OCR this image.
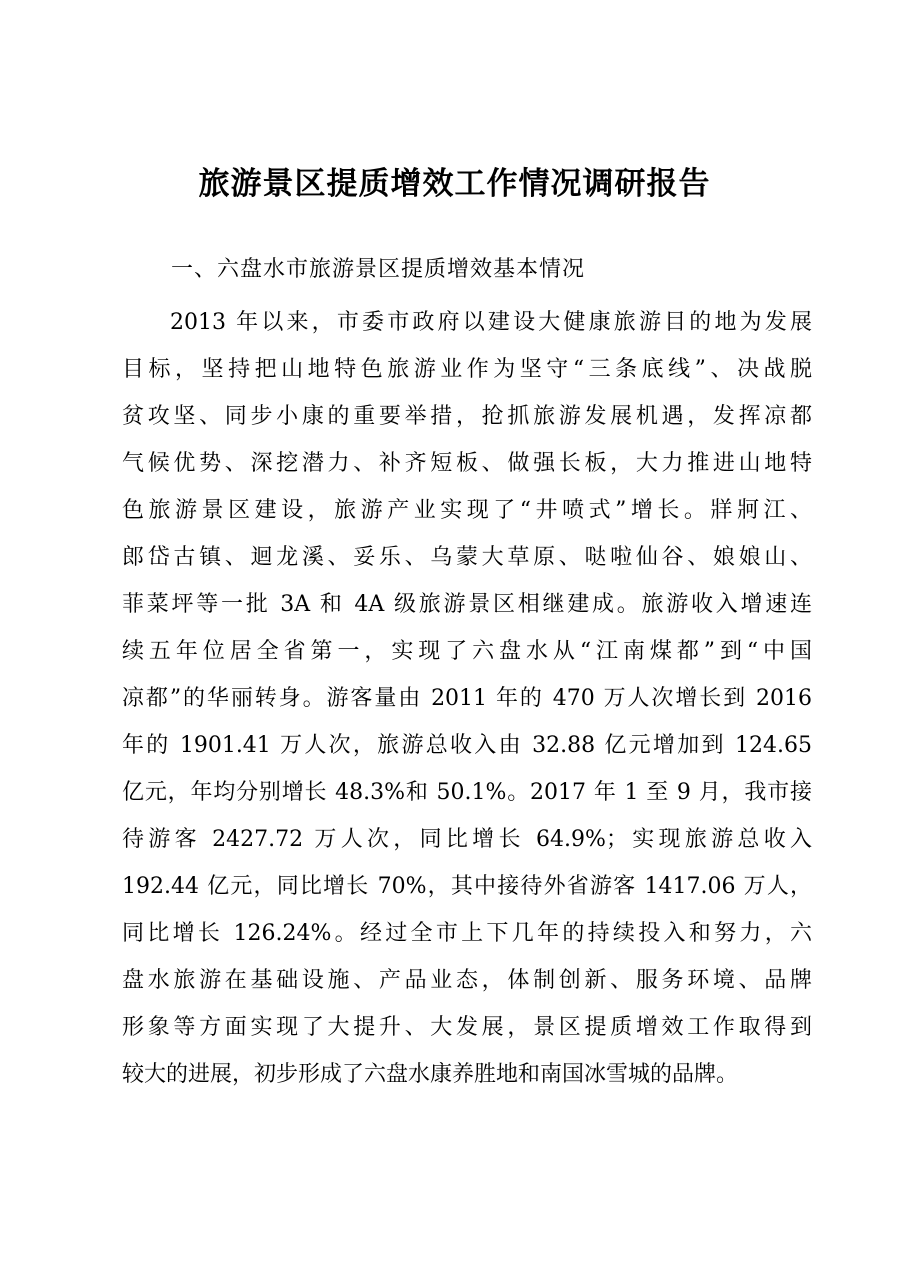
旅游景区提质增效工作情况调研报告

一、六盘水市旅游景区提质增效基本情况

2013 年以来，市委市政府以建设大健康旅游目的地为发展
目标，坚持把山地特色旅游业作为坚守“三条底线”、决战脱
贫攻坚、同步小康的重要举措，抢抓旅游发展机遇，发挥凉都
气候优势、深挖潜力、补齐短板、做强长板，大力推进山地特
色旅游景区建设，旅游产业实现了“井喷式”增长。牂牁江、
郎岱古镇、迴龙溪、妥乐、乌蒙大草原、哒啦仙谷、娘娘山、
菲菜坪等一批 3A 和 4A 级旅游景区相继建成。旅游收入增速连
续五年位居全省第一，实现了六盘水从“江南煤都”到“中国
凉都”的华丽转身。游客量由 2011 年的 470 万人次增长到 2016
年的 1901.41 万人次，旅游总收入由 32.88 亿元增加到 124.65
亿元，年均分别增长 48.3%和 50.1%。2017 年 1 至 9 月，我市接
待游客 2427.72 万人次，同比增长 64.9%；实现旅游总收入
192.44 亿元，同比增长 70%，其中接待外省游客 1417.06 万人，
同比增长 126.24%。经过全市上下几年的持续投入和努力，六
盘水旅游在基础设施、产品业态，体制创新、服务环境、品牌
形象等方面实现了大提升、大发展，景区提质增效工作取得到
较大的进展，初步形成了六盘水康养胜地和南国冰雪城的品牌。
